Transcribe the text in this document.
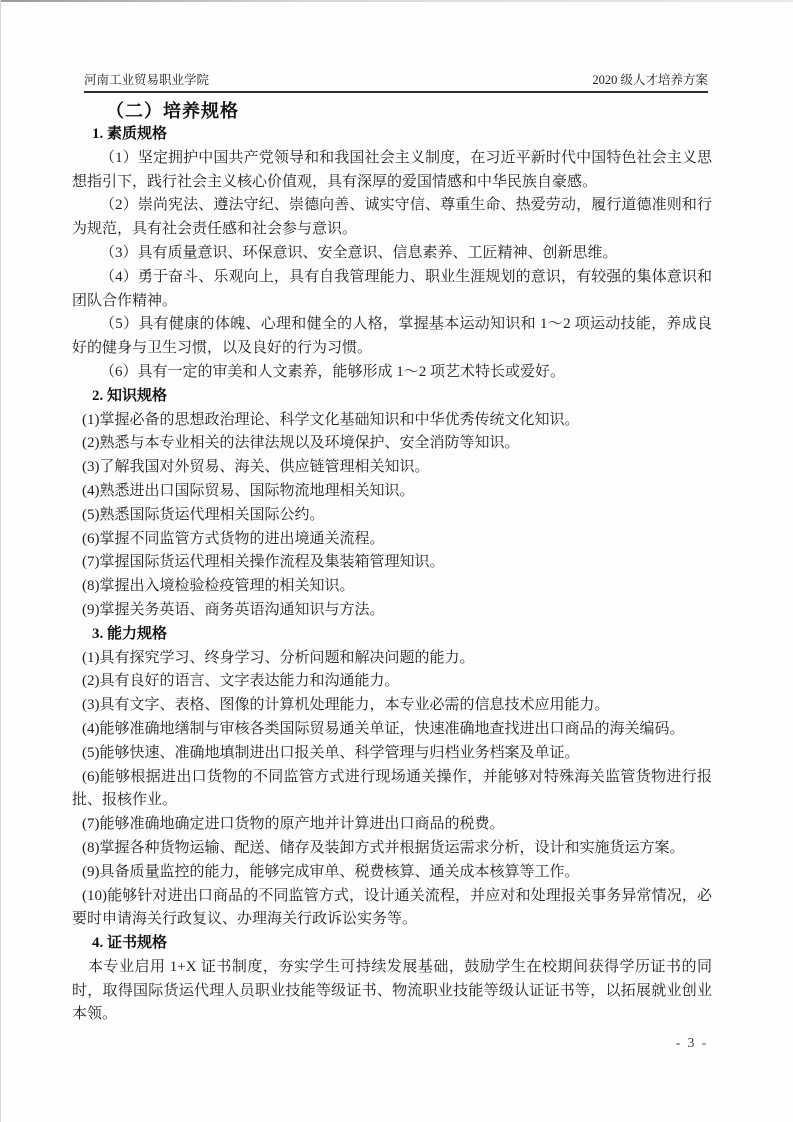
河南工业贸易职业学院	2020 级人才培养方案

（二）培养规格

1. 素质规格

（1）坚定拥护中国共产党领导和和我国社会主义制度，在习近平新时代中国特色社会主义思想指引下，践行社会主义核心价值观，具有深厚的爱国情感和中华民族自豪感。

（2）崇尚宪法、遵法守纪、崇德向善、诚实守信、尊重生命、热爱劳动，履行道德准则和行为规范，具有社会责任感和社会参与意识。

（3）具有质量意识、环保意识、安全意识、信息素养、工匠精神、创新思维。

（4）勇于奋斗、乐观向上，具有自我管理能力、职业生涯规划的意识，有较强的集体意识和团队合作精神。

（5）具有健康的体魄、心理和健全的人格，掌握基本运动知识和 1～2 项运动技能，养成良好的健身与卫生习惯，以及良好的行为习惯。

（6）具有一定的审美和人文素养，能够形成 1～2 项艺术特长或爱好。

2. 知识规格

(1)掌握必备的思想政治理论、科学文化基础知识和中华优秀传统文化知识。

(2)熟悉与本专业相关的法律法规以及环境保护、安全消防等知识。

(3)了解我国对外贸易、海关、供应链管理相关知识。

(4)熟悉进出口国际贸易、国际物流地理相关知识。

(5)熟悉国际货运代理相关国际公约。

(6)掌握不同监管方式货物的进出境通关流程。

(7)掌握国际货运代理相关操作流程及集装箱管理知识。

(8)掌握出入境检验检疫管理的相关知识。

(9)掌握关务英语、商务英语沟通知识与方法。

3. 能力规格

(1)具有探究学习、终身学习、分析问题和解决问题的能力。

(2)具有良好的语言、文字表达能力和沟通能力。

(3)具有文字、表格、图像的计算机处理能力，本专业必需的信息技术应用能力。

(4)能够准确地缮制与审核各类国际贸易通关单证，快速准确地查找进出口商品的海关编码。

(5)能够快速、准确地填制进出口报关单、科学管理与归档业务档案及单证。

(6)能够根据进出口货物的不同监管方式进行现场通关操作，并能够对特殊海关监管货物进行报批、报核作业。

(7)能够准确地确定进口货物的原产地并计算进出口商品的税费。

(8)掌握各种货物运输、配送、储存及装卸方式并根据货运需求分析，设计和实施货运方案。

(9)具备质量监控的能力，能够完成审单、税费核算、通关成本核算等工作。

(10)能够针对进出口商品的不同监管方式，设计通关流程，并应对和处理报关事务异常情况，必要时申请海关行政复议、办理海关行政诉讼实务等。

4. 证书规格

本专业启用 1+X 证书制度，夯实学生可持续发展基础，鼓励学生在校期间获得学历证书的同时，取得国际货运代理人员职业技能等级证书、物流职业技能等级认证证书等，以拓展就业创业本领。

- 3 -
